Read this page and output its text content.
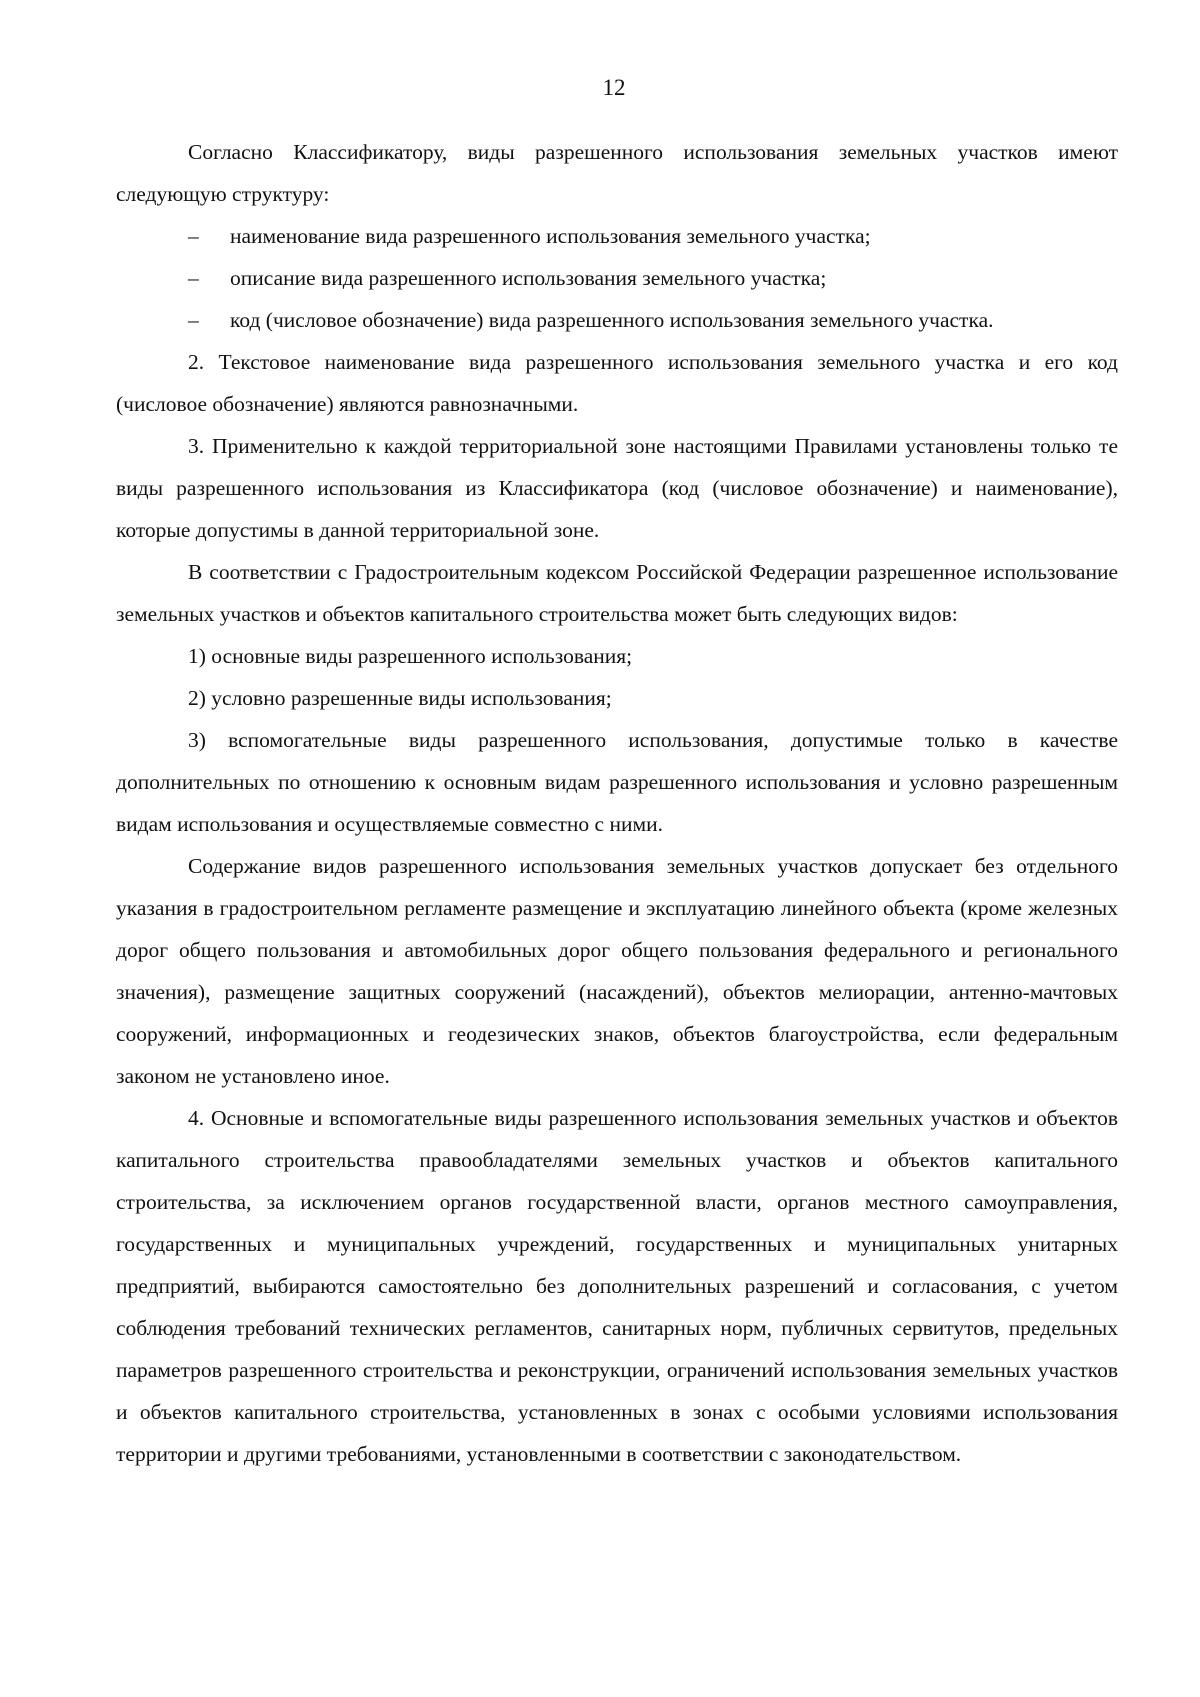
12

Согласно Классификатору, виды разрешенного использования земельных участков имеют следующую структуру:

– наименование вида разрешенного использования земельного участка;

– описание вида разрешенного использования земельного участка;

– код (числовое обозначение) вида разрешенного использования земельного участка.

2. Текстовое наименование вида разрешенного использования земельного участка и его код (числовое обозначение) являются равнозначными.

3. Применительно к каждой территориальной зоне настоящими Правилами установлены только те виды разрешенного использования из Классификатора (код (числовое обозначение) и наименование), которые допустимы в данной территориальной зоне.

В соответствии с Градостроительным кодексом Российской Федерации разрешенное использование земельных участков и объектов капитального строительства может быть следующих видов:

1) основные виды разрешенного использования;

2) условно разрешенные виды использования;

3) вспомогательные виды разрешенного использования, допустимые только в качестве дополнительных по отношению к основным видам разрешенного использования и условно разрешенным видам использования и осуществляемые совместно с ними.

Содержание видов разрешенного использования земельных участков допускает без отдельного указания в градостроительном регламенте размещение и эксплуатацию линейного объекта (кроме железных дорог общего пользования и автомобильных дорог общего пользования федерального и регионального значения), размещение защитных сооружений (насаждений), объектов мелиорации, антенно-мачтовых сооружений, информационных и геодезических знаков, объектов благоустройства, если федеральным законом не установлено иное.

4. Основные и вспомогательные виды разрешенного использования земельных участков и объектов капитального строительства правообладателями земельных участков и объектов капитального строительства, за исключением органов государственной власти, органов местного самоуправления, государственных и муниципальных учреждений, государственных и муниципальных унитарных предприятий, выбираются самостоятельно без дополнительных разрешений и согласования, с учетом соблюдения требований технических регламентов, санитарных норм, публичных сервитутов, предельных параметров разрешенного строительства и реконструкции, ограничений использования земельных участков и объектов капитального строительства, установленных в зонах с особыми условиями использования территории и другими требованиями, установленными в соответствии с законодательством.
